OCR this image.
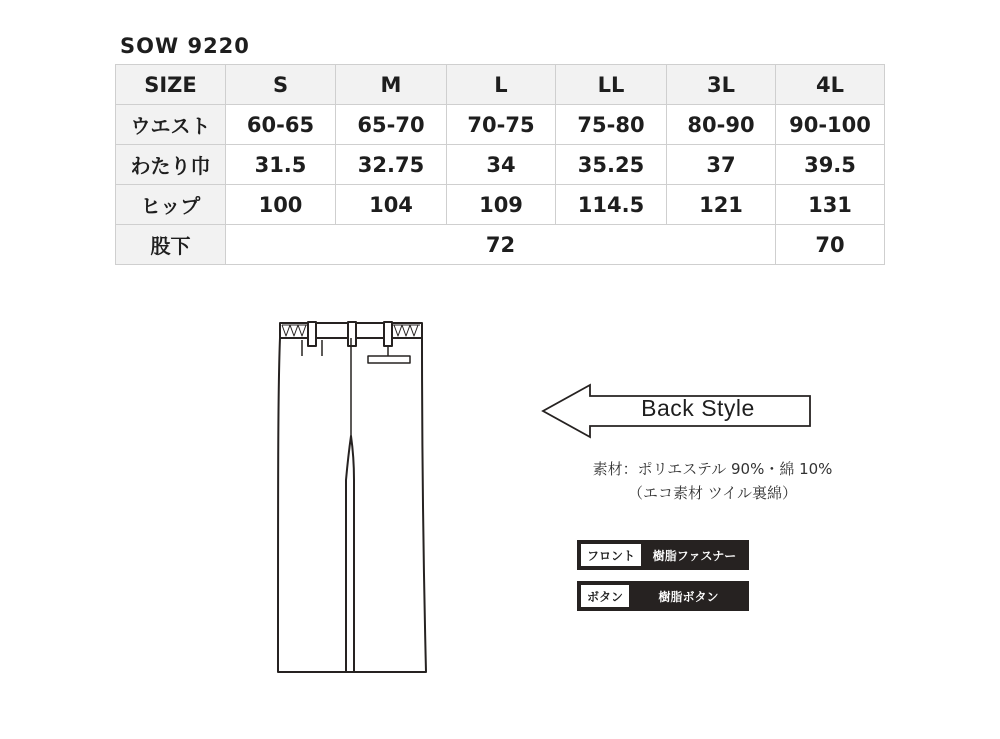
SOW 9220
SIZE	S	M	L	LL	3L	4L
ウエスト	60-65	65-70	70-75	75-80	80-90	90-100
わたり巾	31.5	32.75	34	35.25	37	39.5
ヒップ	100	104	109	114.5	121	131
股下	72					70
Back Style
素材：ポリエステル 90%・綿 10%
（エコ素材 ツイル裏綿）
フロント	樹脂ファスナー
ボタン	樹脂ボタン
